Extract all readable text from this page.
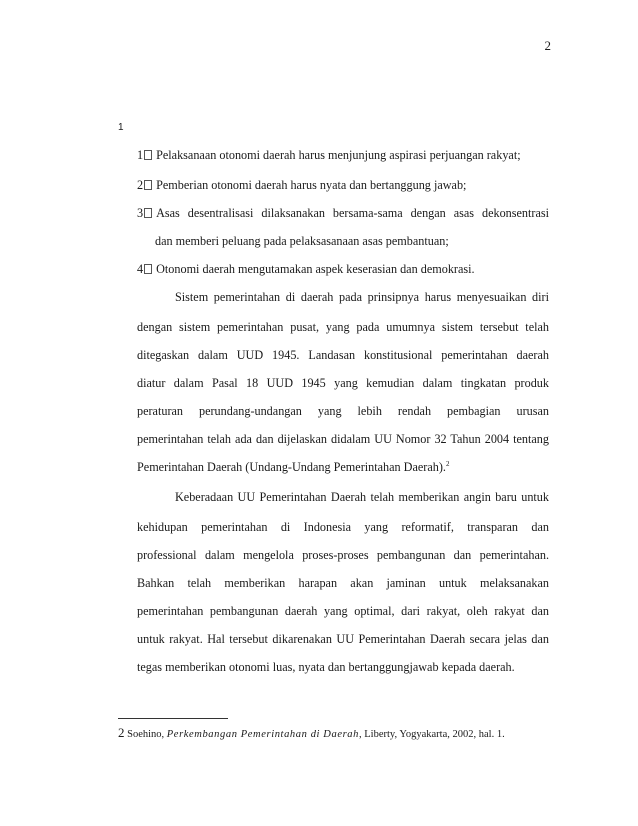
2
1
1 Pelaksanaan otonomi daerah harus menjunjung aspirasi perjuangan rakyat;
2 Pemberian otonomi daerah harus nyata dan bertanggung jawab;
3 Asas desentralisasi dilaksanakan bersama-sama dengan asas dekonsentrasi
dan memberi peluang pada pelaksasanaan asas pembantuan;
4 Otonomi daerah mengutamakan aspek keserasian dan demokrasi.
Sistem pemerintahan di daerah pada prinsipnya harus menyesuaikan diri
dengan sistem pemerintahan pusat, yang pada umumnya sistem tersebut telah
ditegaskan dalam UUD 1945. Landasan konstitusional pemerintahan daerah
diatur dalam Pasal 18 UUD 1945 yang kemudian dalam tingkatan produk
peraturan perundang-undangan yang lebih rendah pembagian urusan
pemerintahan telah ada dan dijelaskan didalam UU Nomor 32 Tahun 2004 tentang
Pemerintahan Daerah (Undang-Undang Pemerintahan Daerah).$^2$
Keberadaan UU Pemerintahan Daerah telah memberikan angin baru untuk
kehidupan pemerintahan di Indonesia yang reformatif, transparan dan
professional dalam mengelola proses-proses pembangunan dan pemerintahan.
Bahkan telah memberikan harapan akan jaminan untuk melaksanakan
pemerintahan pembangunan daerah yang optimal, dari rakyat, oleh rakyat dan
untuk rakyat. Hal tersebut dikarenakan UU Pemerintahan Daerah secara jelas dan
tegas memberikan otonomi luas, nyata dan bertanggungjawab kepada daerah.
2 Soehino, Perkembangan Pemerintahan di Daerah, Liberty, Yogyakarta, 2002, hal. 1.
